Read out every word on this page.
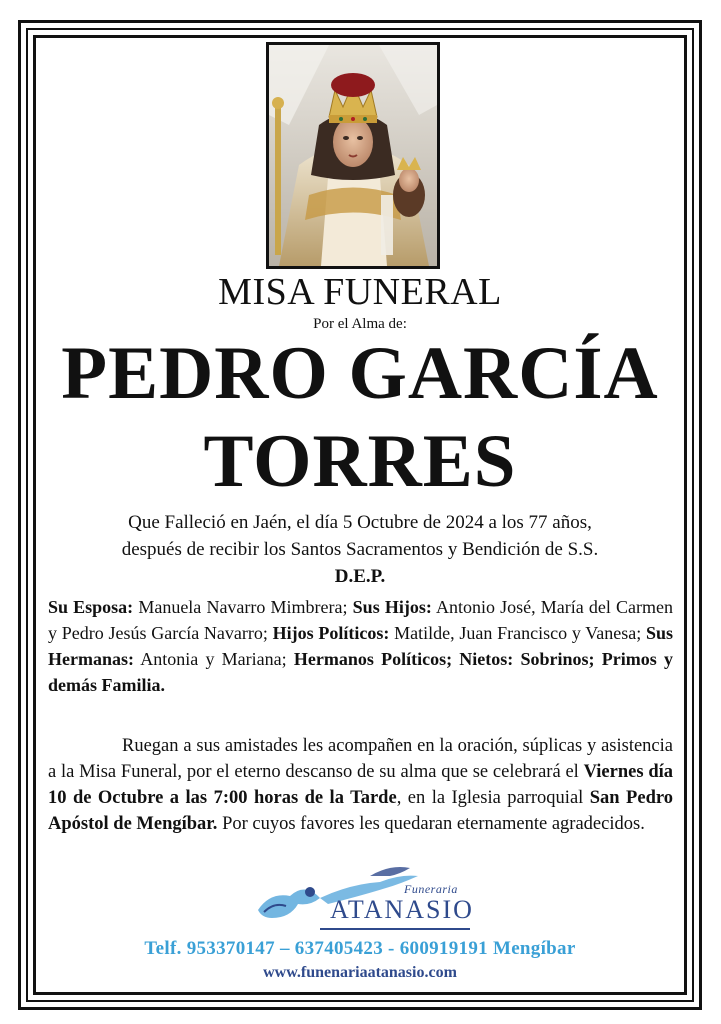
MISA FUNERAL
Por el Alma de:
PEDRO GARCÍA
TORRES
Que Falleció en Jaén, el día 5 Octubre de 2024 a los 77 años,
después de recibir los Santos Sacramentos y Bendición de S.S.
D.E.P.
Su Esposa: Manuela Navarro Mimbrera; Sus Hijos: Antonio José, María del Carmen y Pedro Jesús García Navarro; Hijos Políticos: Matilde, Juan Francisco y Vanesa; Sus Hermanas: Antonia y Mariana; Hermanos Políticos; Nietos: Sobrinos; Primos y demás Familia.
Ruegan a sus amistades les acompañen en la oración, súplicas y asistencia a la Misa Funeral, por el eterno descanso de su alma que se celebrará el Viernes día 10 de Octubre a las 7:00 horas de la Tarde, en la Iglesia parroquial San Pedro Apóstol de Mengíbar. Por cuyos favores les quedaran eternamente agradecidos.
Funeraria
ATANASIO
Telf. 953370147 – 637405423 - 600919191 Mengíbar
www.funenariaatanasio.com
